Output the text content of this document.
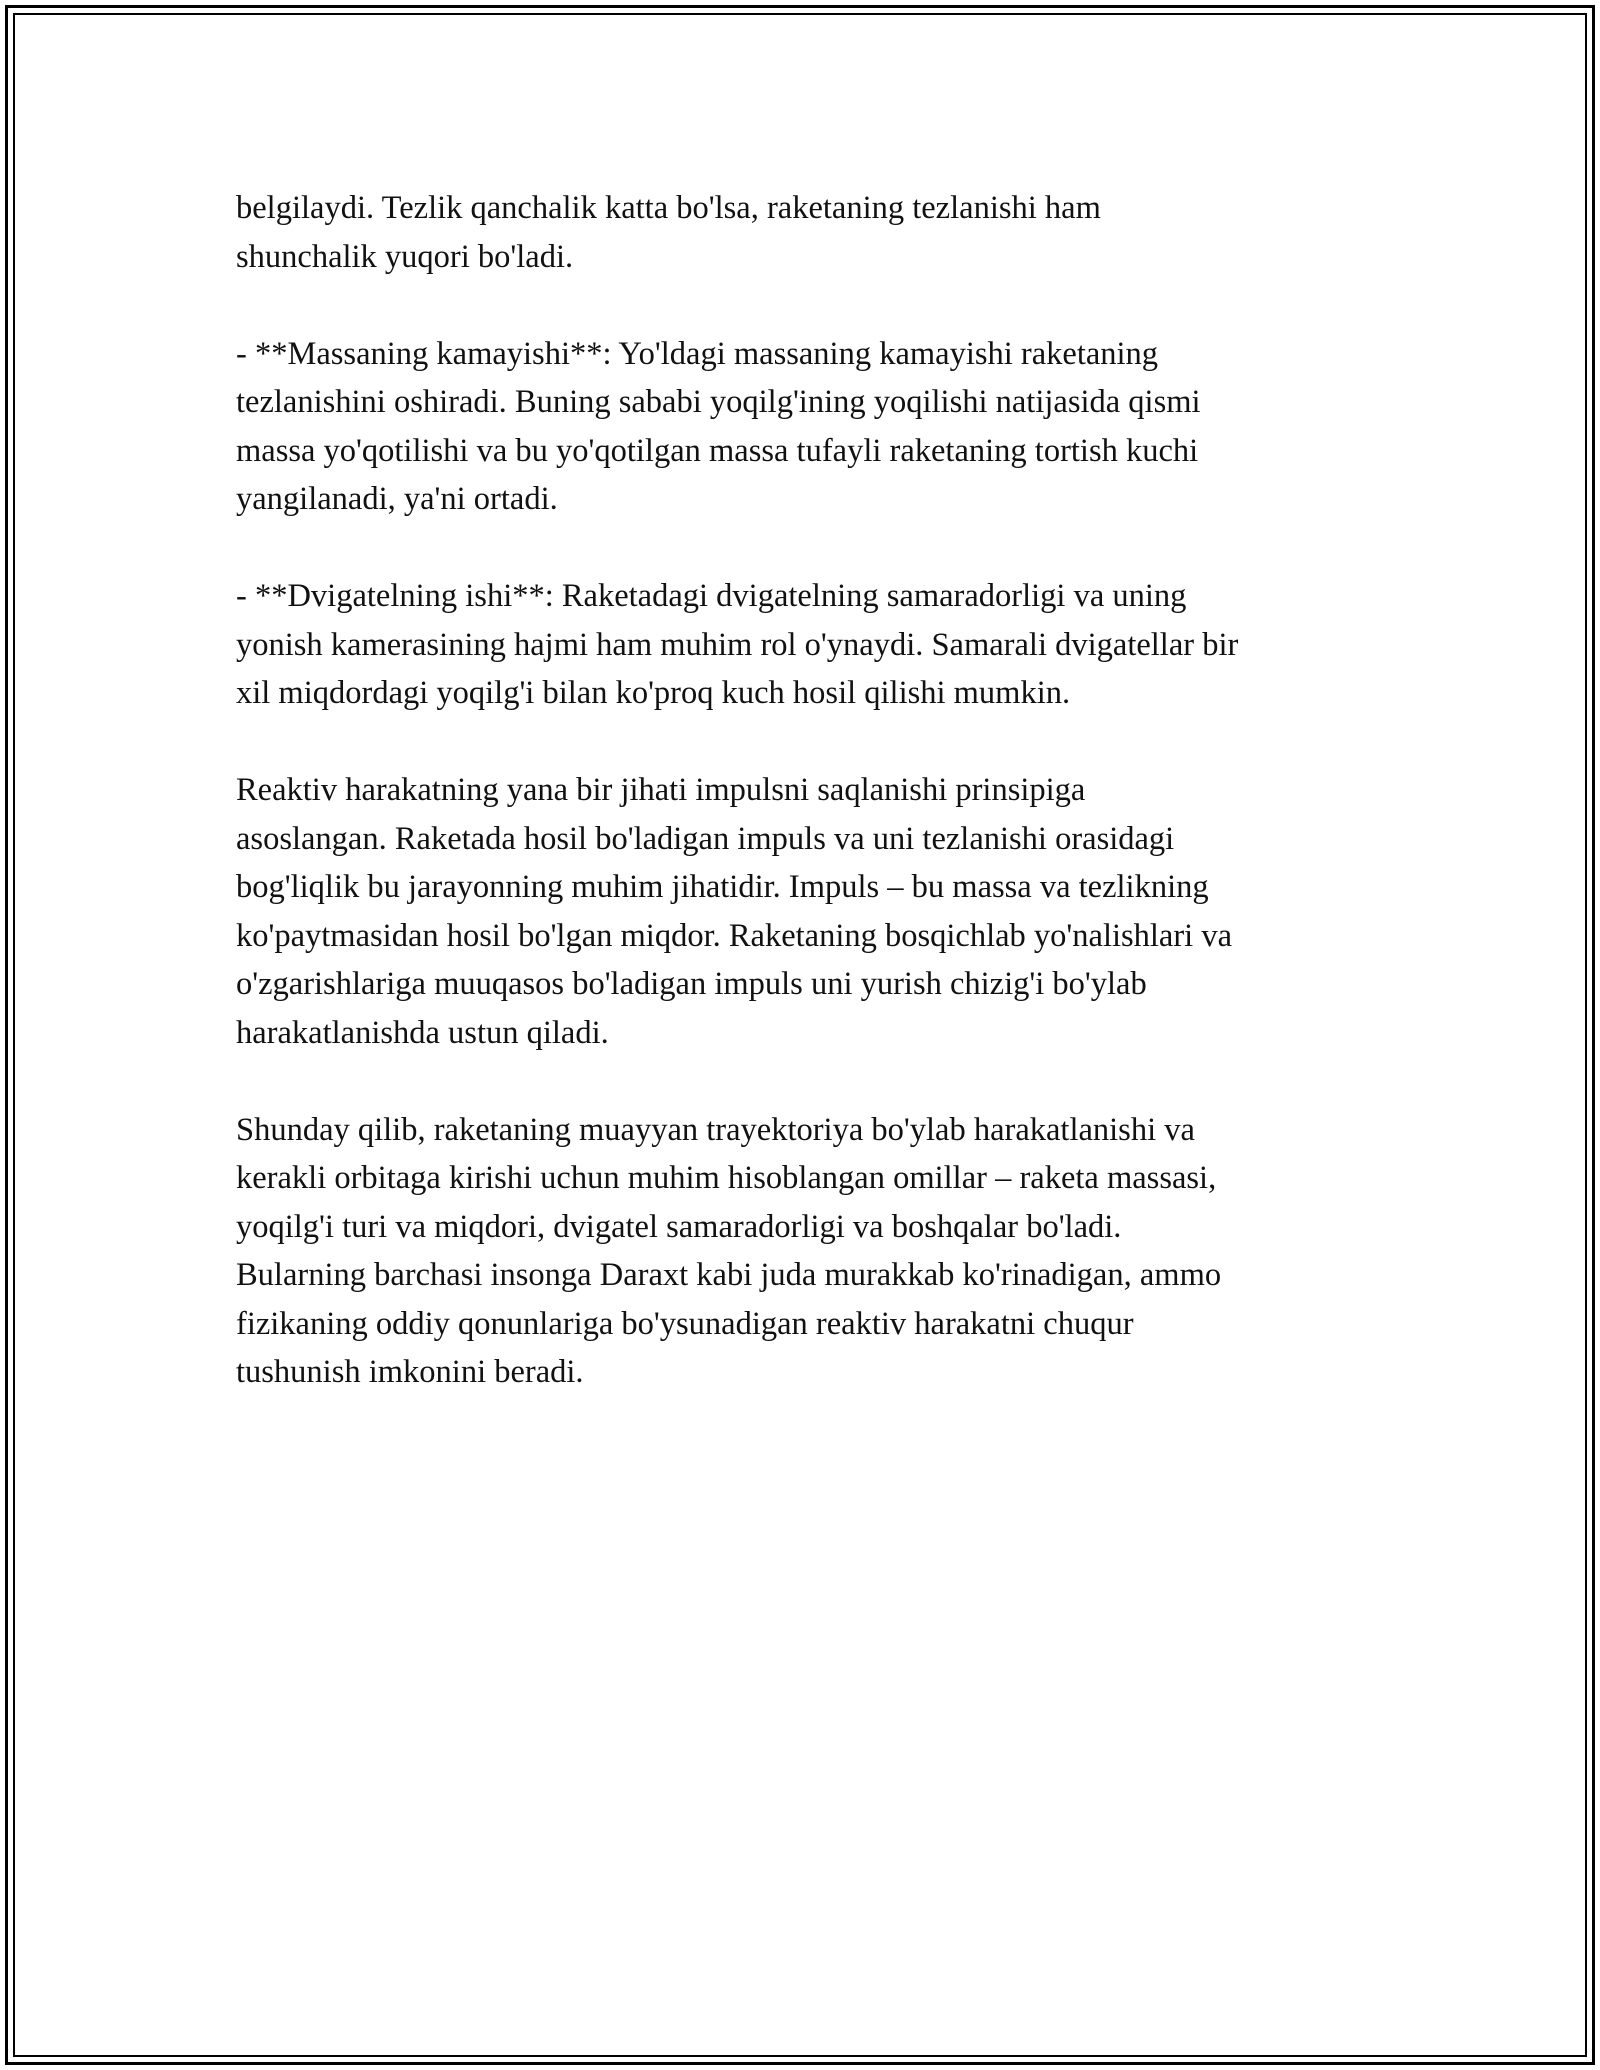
belgilaydi. Tezlik qanchalik katta bo'lsa, raketaning tezlanishi ham
shunchalik yuqori bo'ladi.

- **Massaning kamayishi**: Yo'ldagi massaning kamayishi raketaning
tezlanishini oshiradi. Buning sababi yoqilg'ining yoqilishi natijasida qismi
massa yo'qotilishi va bu yo'qotilgan massa tufayli raketaning tortish kuchi
yangilanadi, ya'ni ortadi.

- **Dvigatelning ishi**: Raketadagi dvigatelning samaradorligi va uning
yonish kamerasining hajmi ham muhim rol o'ynaydi. Samarali dvigatellar bir
xil miqdordagi yoqilg'i bilan ko'proq kuch hosil qilishi mumkin.

Reaktiv harakatning yana bir jihati impulsni saqlanishi prinsipiga
asoslangan. Raketada hosil bo'ladigan impuls va uni tezlanishi orasidagi
bog'liqlik bu jarayonning muhim jihatidir. Impuls – bu massa va tezlikning
ko'paytmasidan hosil bo'lgan miqdor. Raketaning bosqichlab yo'nalishlari va
o'zgarishlariga muuqasos bo'ladigan impuls uni yurish chizig'i bo'ylab
harakatlanishda ustun qiladi.

Shunday qilib, raketaning muayyan trayektoriya bo'ylab harakatlanishi va
kerakli orbitaga kirishi uchun muhim hisoblangan omillar – raketa massasi,
yoqilg'i turi va miqdori, dvigatel samaradorligi va boshqalar bo'ladi.
Bularning barchasi insonga Daraxt kabi juda murakkab ko'rinadigan, ammo
fizikaning oddiy qonunlariga bo'ysunadigan reaktiv harakatni chuqur
tushunish imkonini beradi.
